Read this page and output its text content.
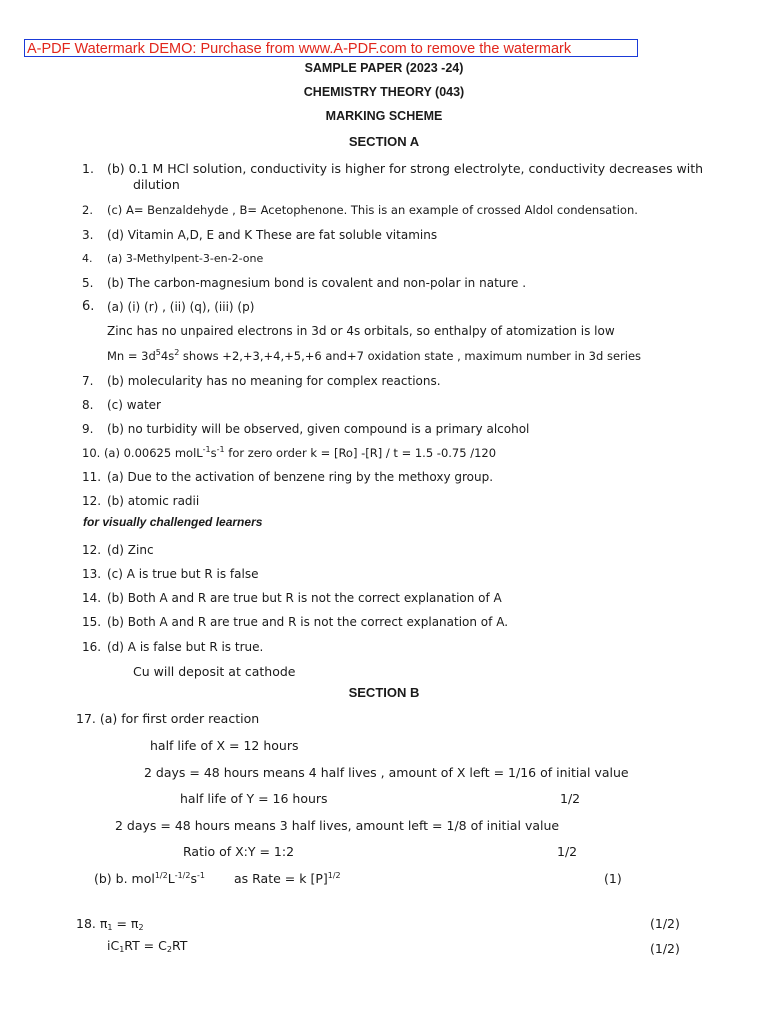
A-PDF Watermark DEMO: Purchase from www.A-PDF.com to remove the watermark
SAMPLE PAPER (2023 -24)
CHEMISTRY THEORY (043)
MARKING SCHEME
SECTION A
1.	(b) 0.1 M HCl solution, conductivity is higher for strong electrolyte, conductivity decreases with
dilution
2.	(c) A= Benzaldehyde , B= Acetophenone. This is an example of crossed Aldol condensation.
3.	(d) Vitamin A,D, E and K These are fat soluble vitamins
4.	(a) 3-Methylpent-3-en-2-one
5.	(b) The carbon-magnesium bond is covalent and non-polar in nature .
6.	(a) (i) (r) , (ii) (q), (iii) (p)
Zinc has no unpaired electrons in 3d or 4s orbitals, so enthalpy of atomization is low
$Mn = 3d^54s^2$ shows +2,+3,+4,+5,+6 and+7 oxidation state , maximum number in 3d series
7.	(b) molecularity has no meaning for complex reactions.
8.	(c) water
9.	(b) no turbidity will be observed, given compound is a primary alcohol
10. (a) 0.00625 $molL^{-1}s^{-1}$ for zero order k = [Ro] -[R] / t = 1.5 -0.75 /120
11. (a) Due to the activation of benzene ring by the methoxy group.
12. (b) atomic radii
for visually challenged learners
12. (d) Zinc
13. (c) A is true but R is false
14. (b) Both A and R are true but R is not the correct explanation of A
15. (b) Both A and R are true and R is not the correct explanation of A.
16. (d) A is false but R is true.
Cu will deposit at cathode
SECTION B
17. (a) for first order reaction
half life of X = 12 hours
2 days = 48 hours means 4 half lives , amount of X left = 1/16 of initial value
half life of Y = 16 hours	1/2
2 days = 48 hours means 3 half lives, amount left = 1/8 of initial value
Ratio of X:Y = 1:2	1/2
(b) b. $mol^{1/2}L^{-1/2}s^{-1}$ as Rate = k $[P]^{1/2}$	(1)
18. $\pi_1 = \pi_2$	(1/2)
$iC_1RT = C_2RT$	(1/2)
